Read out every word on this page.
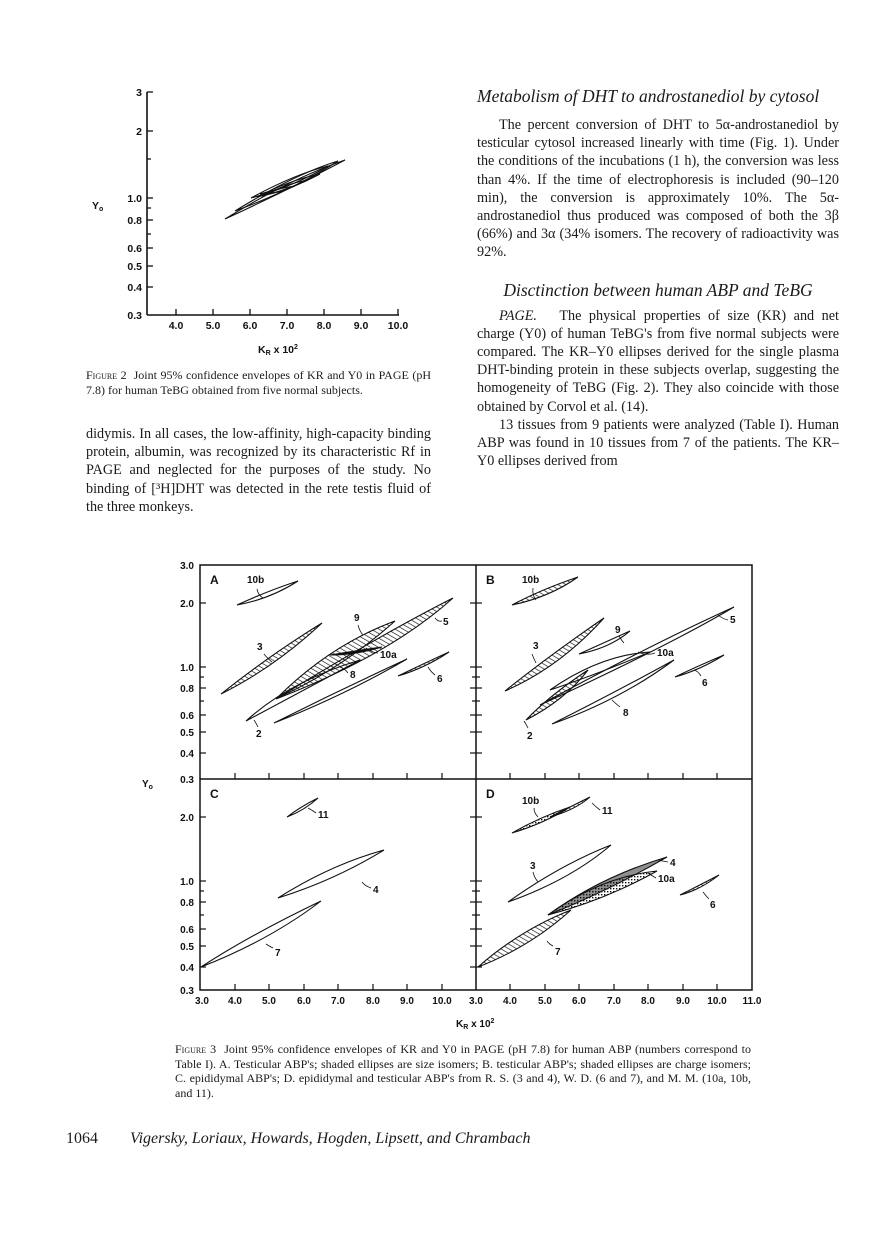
3
2
1.0
0.8
0.6
0.5
0.4
0.3
4.0 5.0 6.0 7.0 8.0 9.0 10.0
Yo
KR x $10^2$
Figure 2 Joint 95% confidence envelopes of KR and Y0 in PAGE (pH 7.8) for human TeBG obtained from five normal subjects.

didymis. In all cases, the low-affinity, high-capacity binding protein, albumin, was recognized by its characteristic Rf in PAGE and neglected for the purposes of the study. No binding of [³H]DHT was detected in the rete testis fluid of the three monkeys.

Metabolism of DHT to androstanediol by cytosol

The percent conversion of DHT to 5α-androstanediol by testicular cytosol increased linearly with time (Fig. 1). Under the conditions of the incubations (1 h), the conversion was less than 4%. If the time of electrophoresis is included (90–120 min), the conversion is approximately 10%. The 5α-androstanediol thus produced was composed of both the 3β (66%) and 3α (34% isomers. The recovery of radioactivity was 92%.

Disctinction between human ABP and TeBG

PAGE. The physical properties of size (KR) and net charge (Y0) of human TeBG's from five normal subjects were compared. The KR–Y0 ellipses derived for the single plasma DHT-binding protein in these subjects overlap, suggesting the homogeneity of TeBG (Fig. 2). They also coincide with those obtained by Corvol et al. (14).

13 tissues from 9 patients were analyzed (Table I). Human ABP was found in 10 tissues from 7 of the patients. The KR–Y0 ellipses derived from

3.0
2.0
1.0
0.8
0.6
0.5
0.4
0.3
2.0
1.0
0.8
0.6
0.5
0.4
0.3
$Y_o$
3.0 4.0 5.0 6.0 7.0 8.0 9.0 10.0 3.0 4.0 5.0 6.0 7.0 8.0 9.0 10.0 11.0
$K_R$ x $10^2$
A	B
C	D
10b
3
9	5
10a
6
8
2
10b
3
9
5
10a
6
8
2
11
4
7
10b
11
3	4
10a
6
7
Figure 3 Joint 95% confidence envelopes of KR and Y0 in PAGE (pH 7.8) for human ABP (numbers correspond to Table I). A. Testicular ABP's; shaded ellipses are size isomers; B. testicular ABP's; shaded ellipses are charge isomers; C. epididymal ABP's; D. epididymal and testicular ABP's from R. S. (3 and 4), W. D. (6 and 7), and M. M. (10a, 10b, and 11).
1064 Vigersky, Loriaux, Howards, Hogden, Lipsett, and Chrambach
